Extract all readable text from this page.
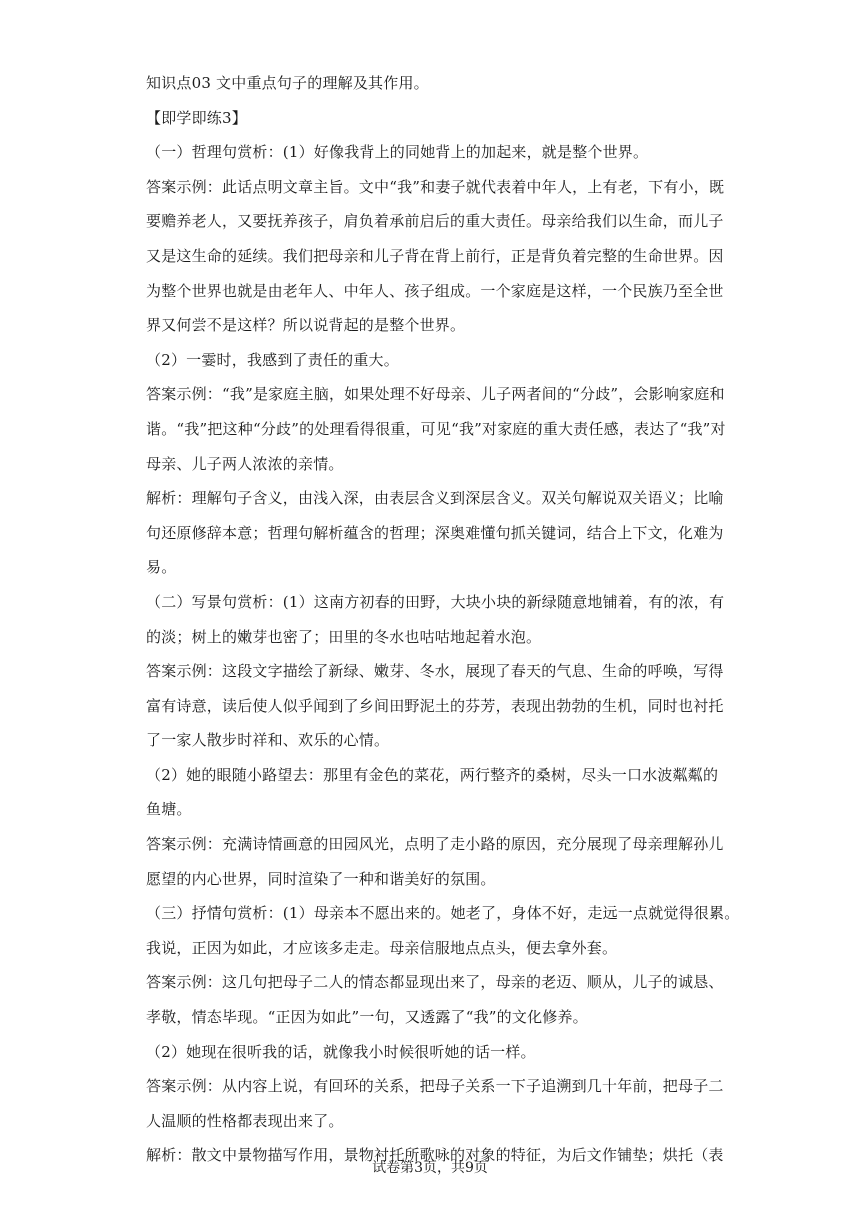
知识点03 文中重点句子的理解及其作用。
【即学即练3】
（一）哲理句赏析：(1）好像我背上的同她背上的加起来，就是整个世界。
答案示例：此话点明文章主旨。文中“我”和妻子就代表着中年人，上有老，下有小，既
要赡养老人，又要抚养孩子，肩负着承前启后的重大责任。母亲给我们以生命，而儿子
又是这生命的延续。我们把母亲和儿子背在背上前行，正是背负着完整的生命世界。因
为整个世界也就是由老年人、中年人、孩子组成。一个家庭是这样，一个民族乃至全世
界又何尝不是这样？所以说背起的是整个世界。
（2）一霎时，我感到了责任的重大。
答案示例：“我”是家庭主脑，如果处理不好母亲、儿子两者间的“分歧”，会影响家庭和
谐。“我”把这种“分歧”的处理看得很重，可见“我”对家庭的重大责任感，表达了“我”对
母亲、儿子两人浓浓的亲情。
解析：理解句子含义，由浅入深，由表层含义到深层含义。双关句解说双关语义；比喻
句还原修辞本意；哲理句解析蕴含的哲理；深奥难懂句抓关键词，结合上下文，化难为
易。
（二）写景句赏析：(1）这南方初春的田野，大块小块的新绿随意地铺着，有的浓，有
的淡；树上的嫩芽也密了；田里的冬水也咕咕地起着水泡。
答案示例：这段文字描绘了新绿、嫩芽、冬水，展现了春天的气息、生命的呼唤，写得
富有诗意，读后使人似乎闻到了乡间田野泥土的芬芳，表现出勃勃的生机，同时也衬托
了一家人散步时祥和、欢乐的心情。
（2）她的眼随小路望去：那里有金色的菜花，两行整齐的桑树，尽头一口水波粼粼的
鱼塘。
答案示例：充满诗情画意的田园风光，点明了走小路的原因，充分展现了母亲理解孙儿
愿望的内心世界，同时渲染了一种和谐美好的氛围。
（三）抒情句赏析：(1）母亲本不愿出来的。她老了，身体不好，走远一点就觉得很累。
我说，正因为如此，才应该多走走。母亲信服地点点头，便去拿外套。
答案示例：这几句把母子二人的情态都显现出来了，母亲的老迈、顺从，儿子的诚恳、
孝敬，情态毕现。“正因为如此”一句，又透露了“我”的文化修养。
（2）她现在很听我的话，就像我小时候很听她的话一样。
答案示例：从内容上说，有回环的关系，把母子关系一下子追溯到几十年前，把母子二
人温顺的性格都表现出来了。
解析：散文中景物描写作用，景物衬托所歌咏的对象的特征，为后文作铺垫；烘托（表
试卷第3页，共9页
